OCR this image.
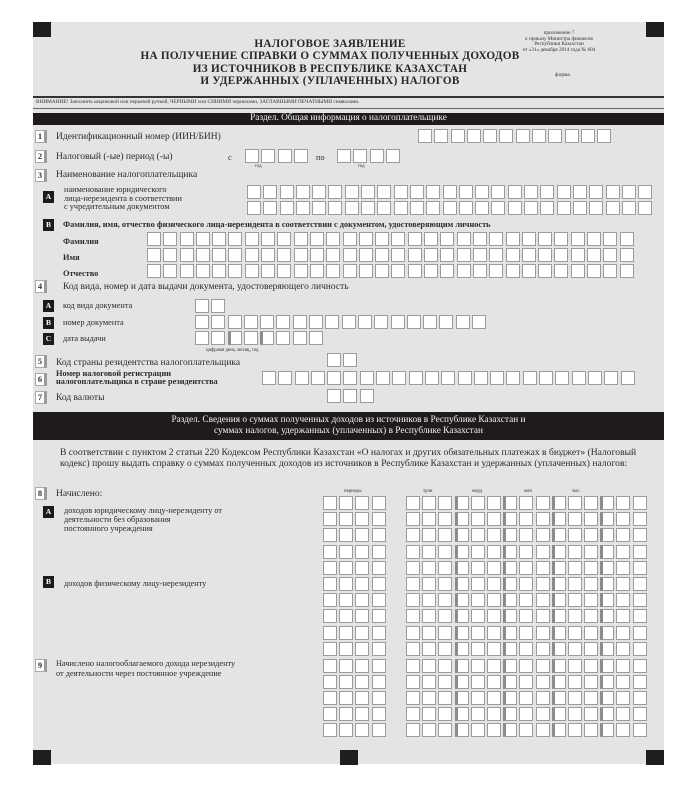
НАЛОГОВОЕ ЗАЯВЛЕНИЕ
НА ПОЛУЧЕНИЕ СПРАВКИ О СУММАХ ПОЛУЧЕННЫХ ДОХОДОВ
ИЗ ИСТОЧНИКОВ В РЕСПУБЛИКЕ КАЗАХСТАН
И УДЕРЖАННЫХ (УПЛАЧЕННЫХ) НАЛОГОВ
приложение 7
к приказу Министра финансов
Республики Казахстан
от «31» декабря 2014 года № 604
форма
ВНИМАНИЕ! Заполнять шариковой или перьевой ручкой, ЧЕРНЫМИ или СИНИМИ чернилами, ЗАГЛАВНЫМИ ПЕЧАТНЫМИ символами.
Раздел. Общая информация о налогоплательщике
1	Идентификационный номер (ИИН/БИН)
2	Налоговый (-ые) период (-ы)	с
год
по
год
3	Наименование налогоплательщика
A
наименование юридического
лица-нерезидента в соответствии
с учредительным документом
B	Фамилия, имя, отчество физического лица-нерезидента в соответствии с документом, удостоверяющим личность
Фамилия
Имя
Отчество
4	Код вида, номер и дата выдачи документа, удостоверяющего личность
A	код вида документа
B	номер документа
C	дата выдачи
цифрами день, месяц, год
5	Код страны резидентства налогоплательщика
6
Номер налоговой регистрации
налогоплательщика в стране резидентства
7	Код валюты
Раздел. Сведения о суммах полученных доходов из источников в Республике Казахстан и
суммах налогов, удержанных (уплаченных) в Республике Казахстан
В соответствии с пунктом 2 статьи 220 Кодексом Республики Казахстан «О налогах и других обязательных платежах в бюджет» (Налоговый кодекс) прошу выдать справку о суммах полученных доходов из источников в Республике Казахстан и удержанных (уплаченных) налогов:
8	Начислено:
A	доходов юридическому лицу-нерезиденту от
деятельности без образования
постоянного учреждения
B	доходов физическому лицу-нерезиденту
9	Начислено налогооблагаемого дохода нерезиденту
от деятельности через постоянное учреждение
периоды	трлн	млрд	млн	тыс.
